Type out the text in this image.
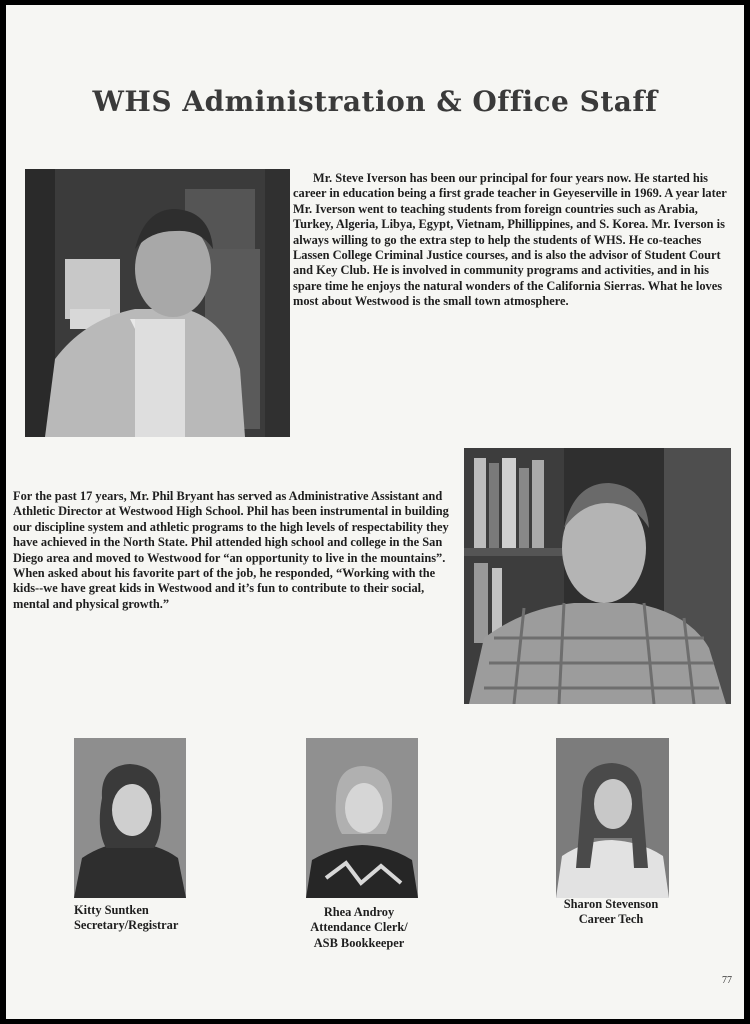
WHS Administration & Office Staff

Mr. Steve Iverson has been our principal for four years now. He started his career in education being a first grade teacher in Geyeserville in 1969. A year later Mr. Iverson went to teaching students from foreign countries such as Arabia, Turkey, Algeria, Libya, Egypt, Vietnam, Phillippines, and S. Korea. Mr. Iverson is always willing to go the extra step to help the students of WHS. He co-teaches Lassen College Criminal Justice courses, and is also the advisor of Student Court and Key Club. He is involved in community programs and activities, and in his spare time he enjoys the natural wonders of the California Sierras. What he loves most about Westwood is the small town atmosphere.

For the past 17 years, Mr. Phil Bryant has served as Administrative Assistant and Athletic Director at Westwood High School. Phil has been instrumental in building our discipline system and athletic programs to the high levels of respectability they have achieved in the North State. Phil attended high school and college in the San Diego area and moved to Westwood for “an opportunity to live in the mountains”. When asked about his favorite part of the job, he responded, “Working with the kids--we have great kids in Westwood and it’s fun to contribute to their social, mental and physical growth.”

Kitty Suntken
Secretary/Registrar
Rhea Androy
Attendance Clerk/
ASB Bookkeeper
Sharon Stevenson
Career Tech
77
